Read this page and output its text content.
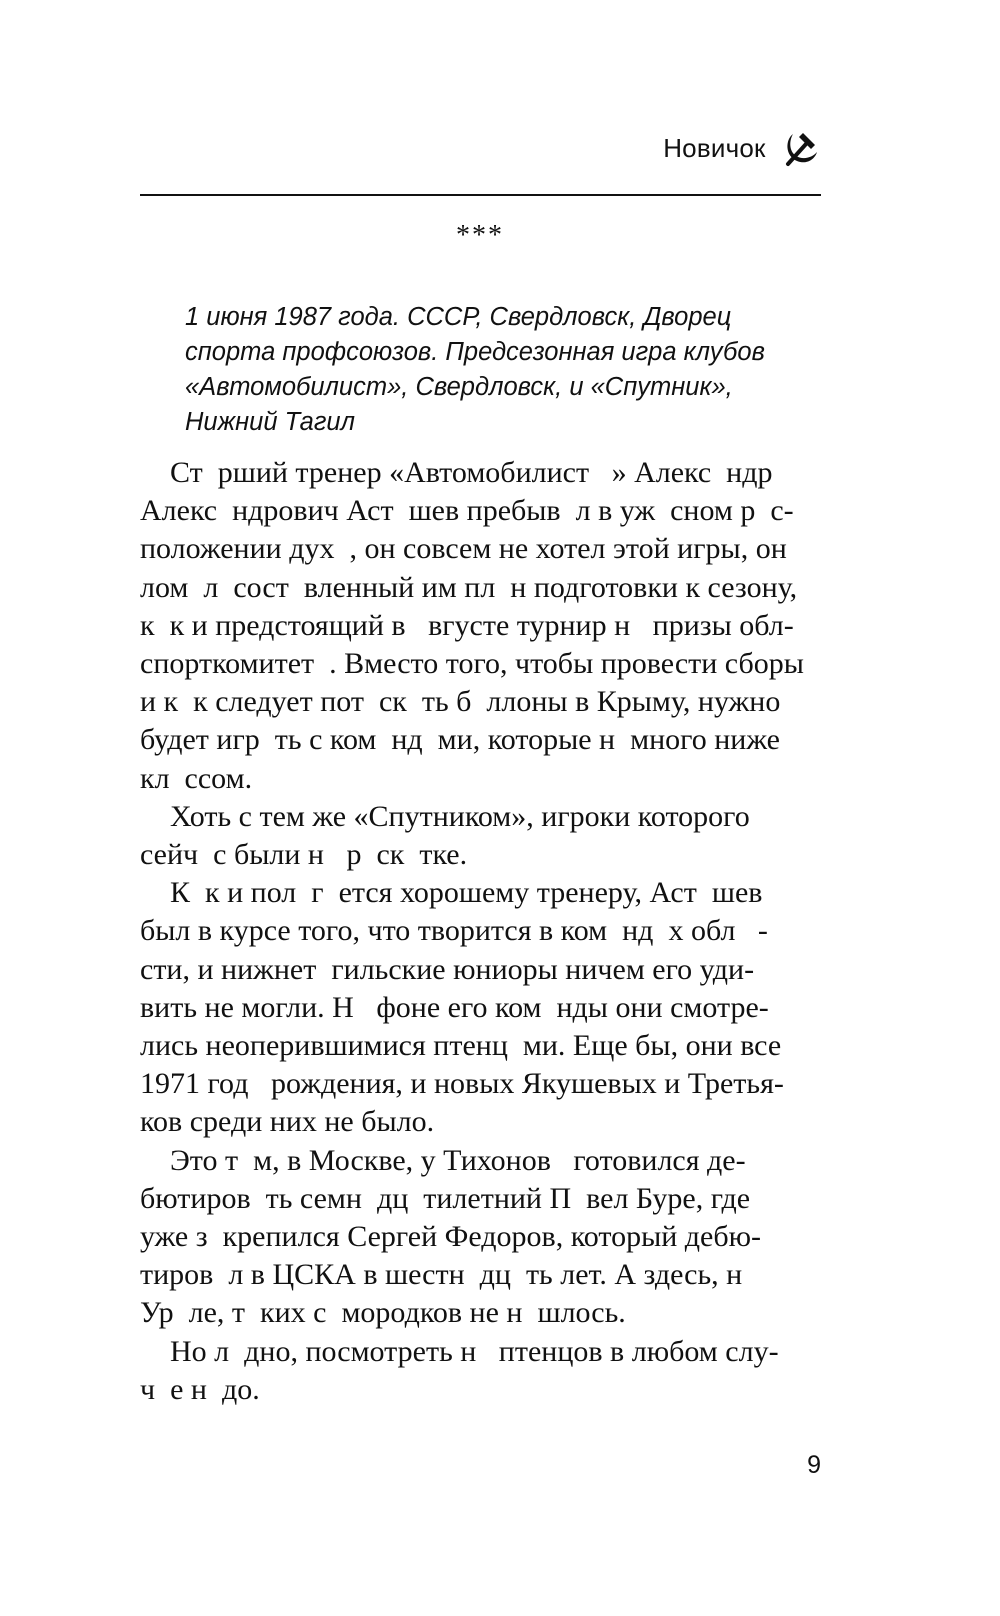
Новичок
***
1 июня 1987 года. СССР, Свердловск, Дворец
спорта профсоюзов. Предсезонная игра клубов
«Автомобилист», Свердловск, и «Спутник»,
Нижний Тагил
Ст  рший тренер «Автомобилист   » Алекс  ндр
Алекс  ндрович Аст  шев пребыв  л в уж  сном р  с-
положении дух  , он совсем не хотел этой игры, он
лом  л  сост  вленный им пл  н подготовки к сезону,
к  к и предстоящий в   вгусте турнир н   призы обл-
спорткомитет  . Вместо того, чтобы провести сборы
и к  к следует пот  ск  ть б  ллоны в Крыму, нужно
будет игр  ть с ком  нд  ми, которые н  много ниже
кл  ссом.
Хоть с тем же «Спутником», игроки которого
сейч  с были н   р  ск  тке.
К  к и пол  г  ется хорошему тренеру, Аст  шев
был в курсе того, что творится в ком  нд  х обл   -
сти, и нижнет  гильские юниоры ничем его уди-
вить не могли. Н   фоне его ком  нды они смотре-
лись неоперившимися птенц  ми. Еще бы, они все
1971 год   рождения, и новых Якушевых и Третья-
ков среди них не было.
Это т  м, в Москве, у Тихонов   готовился де-
бютиров  ть семн  дц  тилетний П  вел Буре, где
уже з  крепился Сергей Федоров, который дебю-
тиров  л в ЦСКА в шестн  дц  ть лет. А здесь, н
Ур  ле, т  ких с  мородков не н  шлось.
Но л  дно, посмотреть н   птенцов в любом слу-
ч  е н  до.
9
